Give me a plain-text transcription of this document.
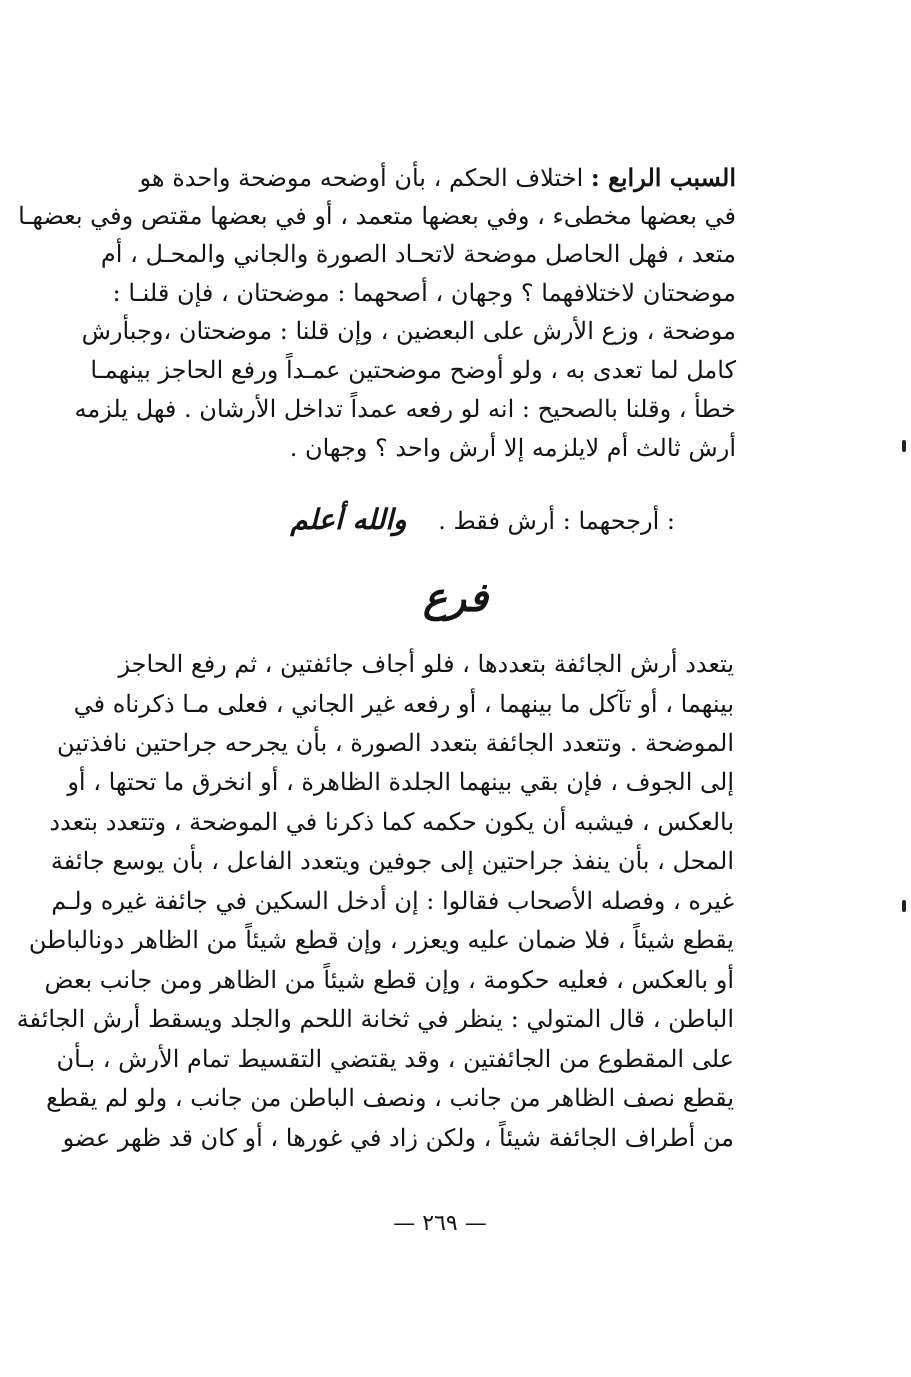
السبب الرابع : اختلاف الحكم ، بأن أوضحه موضحة واحدة هو
في بعضها مخطىء ، وفي بعضها متعمد ، أو في بعضها مقتص وفي بعضهـا
متعد ، فهل الحاصل موضحة لاتحـاد الصورة والجاني والمحـل ، أم
موضحتان لاختلافهما ؟ وجهان ، أصحهما : موضحتان ، فإن قلنـا :
موضحة ، وزع الأرش على البعضين ، وإن قلنا : موضحتان ،وجبأرش
كامل لما تعدى به ، ولو أوضح موضحتين عمـداً ورفع الحاجز بينهمـا
خطأ ، وقلنا بالصحيح : انه لو رفعه عمداً تداخل الأرشان . فهل يلزمه
أرش ثالث أم لايلزمه إلا أرش واحد ؟ وجهان .
: أرجحهما : أرش فقط . والله أعلم
فرع
يتعدد أرش الجائفة بتعددها ، فلو أجاف جائفتين ، ثم رفع الحاجز
بينهما ، أو تآكل ما بينهما ، أو رفعه غير الجاني ، فعلى مـا ذكرناه في
الموضحة . وتتعدد الجائفة بتعدد الصورة ، بأن يجرحه جراحتين نافذتين
إلى الجوف ، فإن بقي بينهما الجلدة الظاهرة ، أو انخرق ما تحتها ، أو
بالعكس ، فيشبه أن يكون حكمه كما ذكرنا في الموضحة ، وتتعدد بتعدد
المحل ، بأن ينفذ جراحتين إلى جوفين ويتعدد الفاعل ، بأن يوسع جائفة
غيره ، وفصله الأصحاب فقالوا : إن أدخل السكين في جائفة غيره ولـم
يقطع شيئاً ، فلا ضمان عليه ويعزر ، وإن قطع شيئاً من الظاهر دونالباطن
أو بالعكس ، فعليه حكومة ، وإن قطع شيئاً من الظاهر ومن جانب بعض
الباطن ، قال المتولي : ينظر في ثخانة اللحم والجلد ويسقط أرش الجائفة
على المقطوع من الجائفتين ، وقد يقتضي التقسيط تمام الأرش ، بـأن
يقطع نصف الظاهر من جانب ، ونصف الباطن من جانب ، ولو لم يقطع
من أطراف الجائفة شيئاً ، ولكن زاد في غورها ، أو كان قد ظهر عضو
— ٢٦٩ —
